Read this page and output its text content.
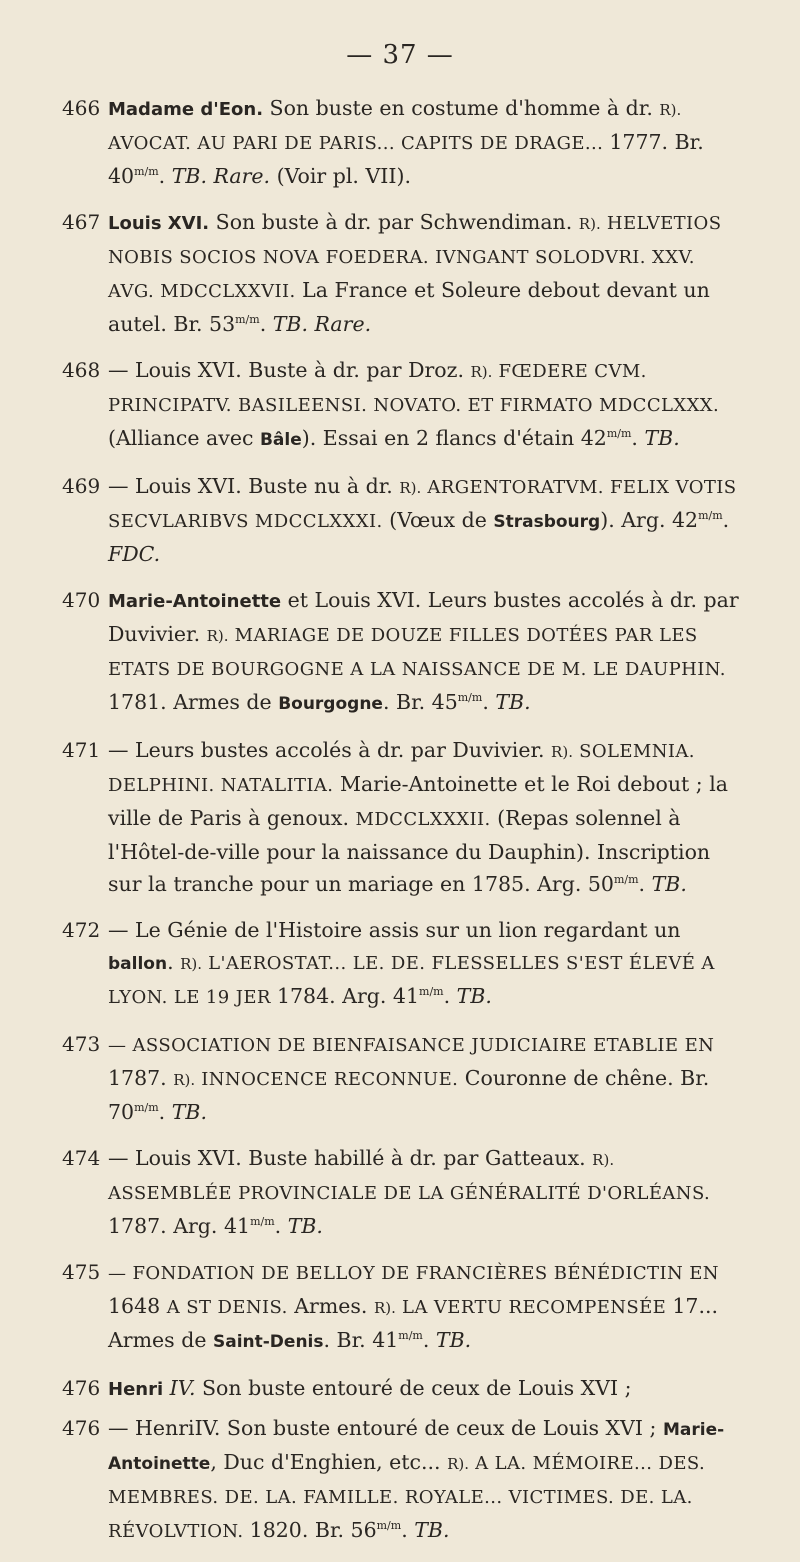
— 37 —
466 Madame d'Eon. Son buste en costume d'homme à dr. R). AVOCAT. AU PARI DE PARIS... CAPITS DE DRAGE... 1777. Br. $40^{m/m}$. TB. Rare. (Voir pl. VII).
467 Louis XVI. Son buste à dr. par Schwendiman. R). HELVETIOS NOBIS SOCIOS NOVA FOEDERA. IVNGANT SOLODVRI. XXV. AVG. MDCCLXXVII. La France et Soleure debout devant un autel. Br. $53^{m/m}$. TB. Rare.
468 — Louis XVI. Buste à dr. par Droz. R). FŒDERE CVM. PRINCIPATV. BASILEENSI. NOVATO. ET FIRMATO MDCCLXXX. (Alliance avec Bâle). Essai en 2 flancs d'étain $42^{m/m}$. TB.
469 — Louis XVI. Buste nu à dr. R). ARGENTORATVM. FELIX VOTIS SECVLARIBVS MDCCLXXXI. (Vœux de Strasbourg). Arg. $42^{m/m}$. FDC.
470 Marie-Antoinette et Louis XVI. Leurs bustes accolés à dr. par Duvivier. R). MARIAGE DE DOUZE FILLES DOTÉES PAR LES ETATS DE BOURGOGNE A LA NAISSANCE DE M. LE DAUPHIN. 1781. Armes de Bourgogne. Br. $45^{m/m}$. TB.
471 — Leurs bustes accolés à dr. par Duvivier. R). SOLEMNIA. DELPHINI. NATALITIA. Marie-Antoinette et le Roi debout ; la ville de Paris à genoux. MDCCLXXXII. (Repas solennel à l'Hôtel-de-ville pour la naissance du Dauphin). Inscription sur la tranche pour un mariage en 1785. Arg. $50^{m/m}$. TB.
472 — Le Génie de l'Histoire assis sur un lion regardant un ballon. R). L'AEROSTAT... LE. DE. FLESSELLES S'EST ÉLEVÉ A LYON. LE 19 JER 1784. Arg. $41^{m/m}$. TB.
473 — ASSOCIATION DE BIENFAISANCE JUDICIAIRE ETABLIE EN 1787. R). INNOCENCE RECONNUE. Couronne de chêne. Br. $70^{m/m}$. TB.
474 — Louis XVI. Buste habillé à dr. par Gatteaux. R). ASSEMBLÉE PROVINCIALE DE LA GÉNÉRALITÉ D'ORLÉANS. 1787. Arg. $41^{m/m}$. TB.
475 — FONDATION DE BELLOY DE FRANCIÈRES BÉNÉDICTIN EN 1648 A ST DENIS. Armes. R). LA VERTU RECOMPENSÉE 17... Armes de Saint-Denis. Br. $41^{m/m}$. TB.
476 Henri IV. Son buste entouré de ceux de Louis XVI ;
476 — HenriIV. Son buste entouré de ceux de Louis XVI ; Marie-Antoinette, Duc d'Enghien, etc... R). A LA. MÉMOIRE... DES. MEMBRES. DE. LA. FAMILLE. ROYALE... VICTIMES. DE. LA. RÉVOLVTION. 1820. Br. $56^{m/m}$. TB.
